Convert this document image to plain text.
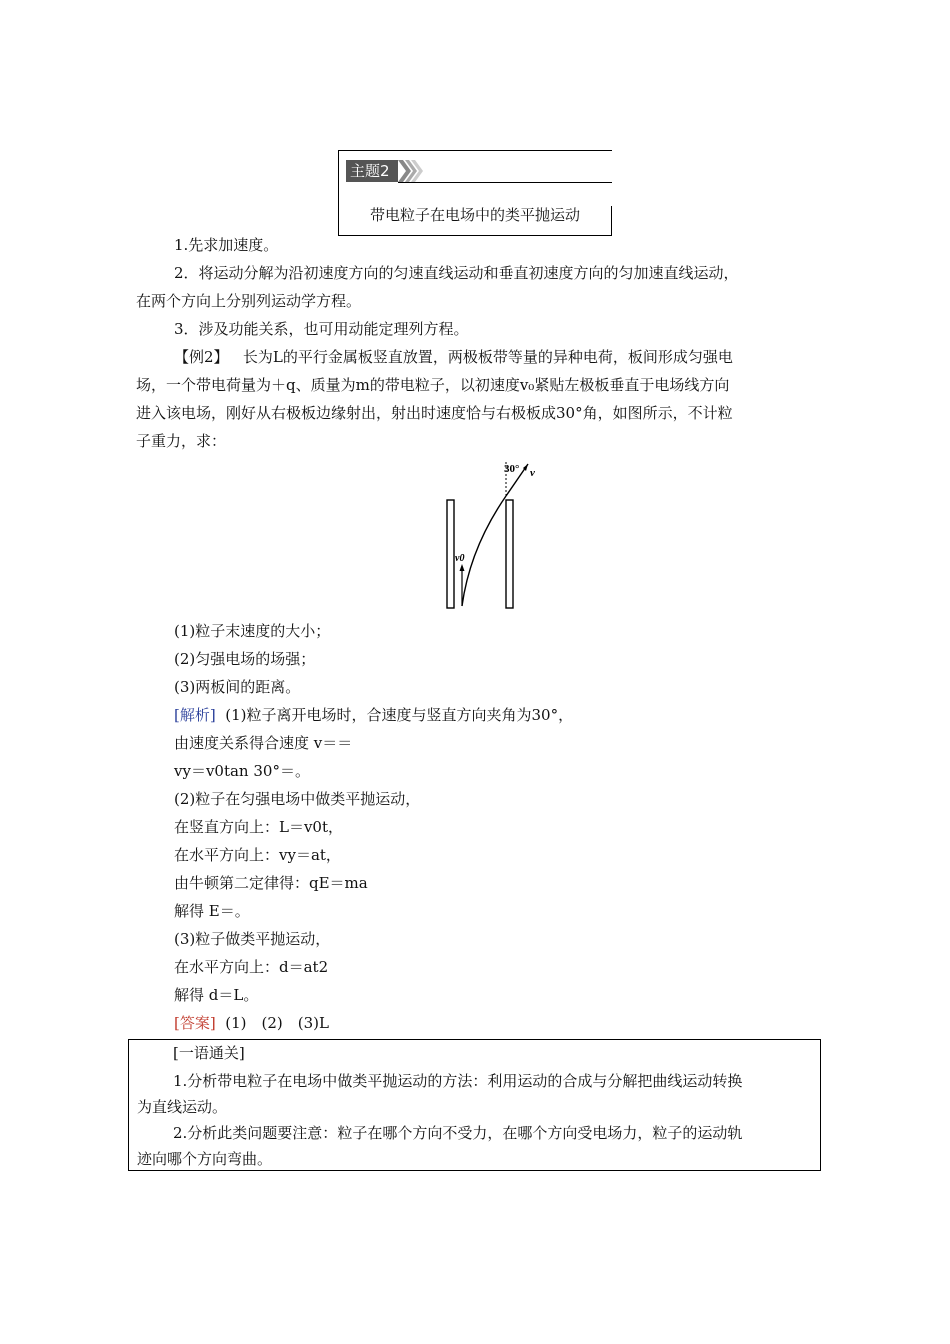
主题2
带电粒子在电场中的类平抛运动
1.先求加速度。
2．将运动分解为沿初速度方向的匀速直线运动和垂直初速度方向的匀加速直线运动，
在两个方向上分别列运动学方程。
3．涉及功能关系，也可用动能定理列方程。
【例2】 长为L的平行金属板竖直放置，两极板带等量的异种电荷，板间形成匀强电
场，一个带电荷量为＋q、质量为m的带电粒子，以初速度v₀紧贴左极板垂直于电场线方向
进入该电场，刚好从右极板边缘射出，射出时速度恰与右极板成30°角，如图所示，不计粒
子重力，求：
30° v
v0
(1)粒子末速度的大小；
(2)匀强电场的场强；
(3)两板间的距离。
[解析] (1)粒子离开电场时，合速度与竖直方向夹角为30°，
由速度关系得合速度 v＝＝
vy＝v0tan 30°＝。
(2)粒子在匀强电场中做类平抛运动，
在竖直方向上：L＝v0t，
在水平方向上：vy＝at，
由牛顿第二定律得：qE＝ma
解得 E＝。
(3)粒子做类平抛运动，
在水平方向上：d＝at2
解得 d＝L。
[答案] (1)　(2)　(3)L
[一语通关]
1.分析带电粒子在电场中做类平抛运动的方法：利用运动的合成与分解把曲线运动转换
为直线运动。
2.分析此类问题要注意：粒子在哪个方向不受力，在哪个方向受电场力，粒子的运动轨
迹向哪个方向弯曲。
